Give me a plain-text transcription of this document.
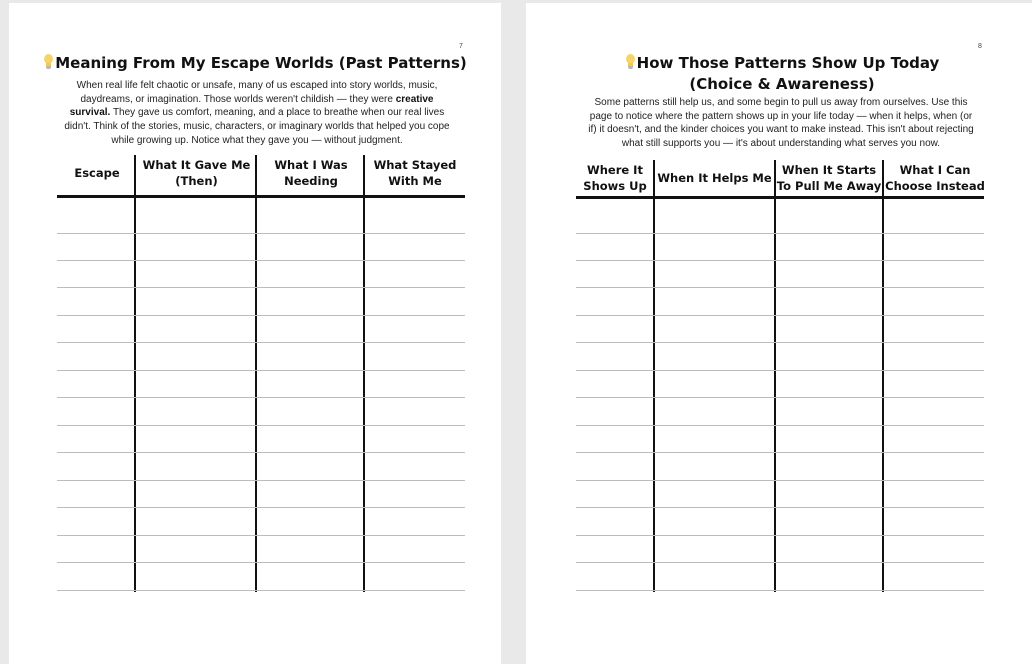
7
Meaning From My Escape Worlds (Past Patterns)
When real life felt chaotic or unsafe, many of us escaped into story worlds, music,
daydreams, or imagination. Those worlds weren't childish — they were creative
survival. They gave us comfort, meaning, and a place to breathe when our real lives
didn't. Think of the stories, music, characters, or imaginary worlds that helped you cope
while growing up. Notice what they gave you — without judgment.
Escape
What It Gave Me (Then)
What I Was Needing
What Stayed With Me
8
How Those Patterns Show Up Today
(Choice & Awareness)
Some patterns still help us, and some begin to pull us away from ourselves. Use this
page to notice where the pattern shows up in your life today — when it helps, when (or
if) it doesn't, and the kinder choices you want to make instead. This isn't about rejecting
what still supports you — it's about understanding what serves you now.
Where It Shows Up
When It Helps Me
When It Starts To Pull Me Away
What I Can Choose Instead
